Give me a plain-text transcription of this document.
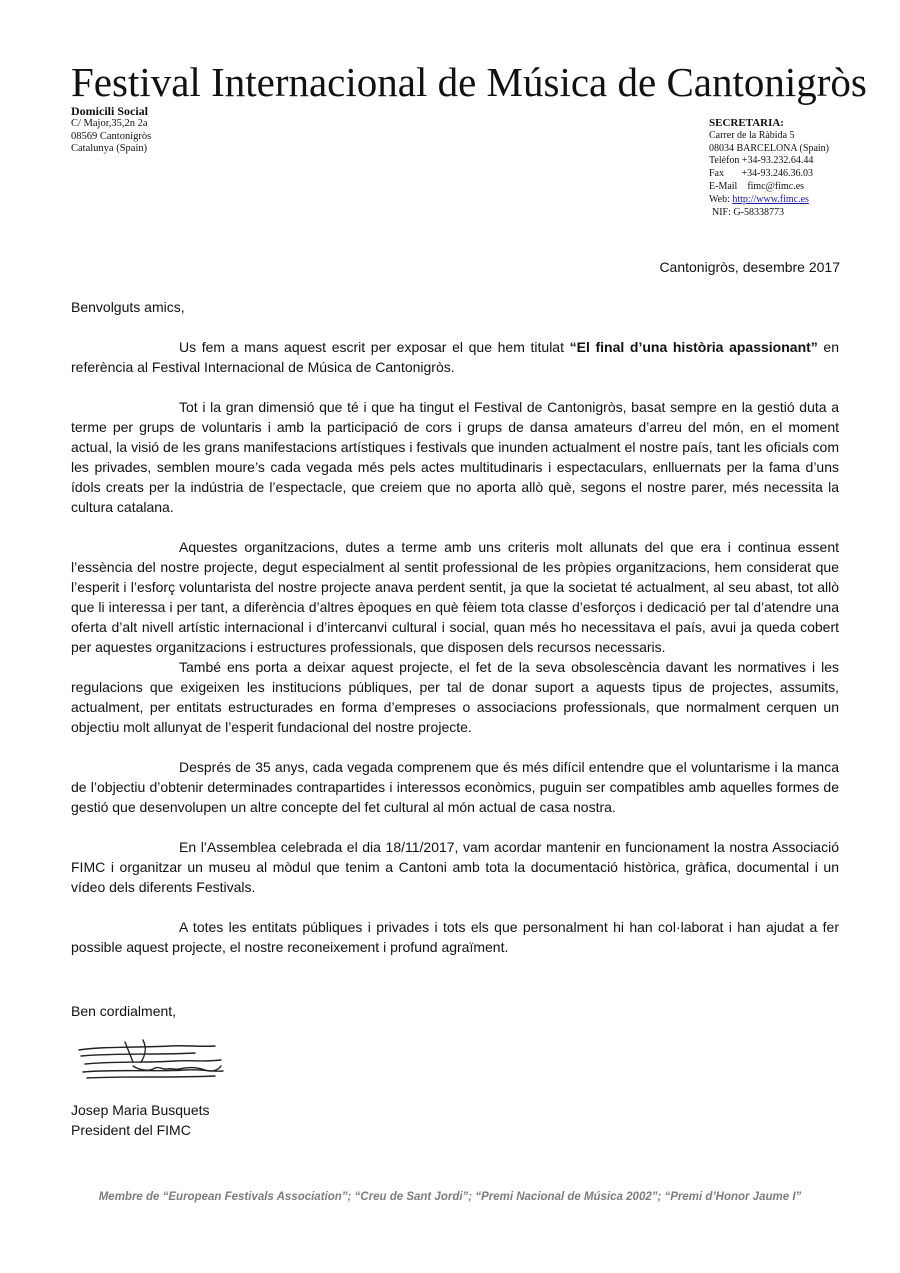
Festival Internacional de Música de Cantonigròs
Domicili Social
C/ Major,35,2n 2a
08569 Cantonigròs
Catalunya (Spain)
SECRETARIA:
Carrer de la Ràbida 5
08034 BARCELONA (Spain)
Telèfon +34-93.232.64.44
Fax +34-93.246.36.03
E-Mail fimc@fimc.es
Web: http://www.fimc.es
NIF: G-58338773
Cantonigròs, desembre 2017
Benvolguts amics,

Us fem a mans aquest escrit per exposar el que hem titulat “El final d’una història apassionant” en referència al Festival Internacional de Música de Cantonigròs.

Tot i la gran dimensió que té i que ha tingut el Festival de Cantonigròs, basat sempre en la gestió duta a terme per grups de voluntaris i amb la participació de cors i grups de dansa amateurs d’arreu del món, en el moment actual, la visió de les grans manifestacions artístiques i festivals que inunden actualment el nostre país, tant les oficials com les privades, semblen moure’s cada vegada més pels actes multitudinaris i espectaculars, enlluernats per la fama d’uns ídols creats per la indústria de l’espectacle, que creiem que no aporta allò què, segons el nostre parer, més necessita la cultura catalana.

Aquestes organitzacions, dutes a terme amb uns criteris molt allunats del que era i continua essent l’essència del nostre projecte, degut especialment al sentit professional de les pròpies organitzacions, hem considerat que l’esperit i l’esforç voluntarista del nostre projecte anava perdent sentit, ja que la societat té actualment, al seu abast, tot allò que li interessa i per tant, a diferència d’altres èpoques en què fèiem tota classe d’esforços i dedicació per tal d’atendre una oferta d’alt nivell artístic internacional i d’intercanvi cultural i social, quan més ho necessitava el país, avui ja queda cobert per aquestes organitzacions i estructures professionals, que disposen dels recursos necessaris.

També ens porta a deixar aquest projecte, el fet de la seva obsolescència davant les normatives i les regulacions que exigeixen les institucions públiques, per tal de donar suport a aquests tipus de projectes, assumits, actualment, per entitats estructurades en forma d’empreses o associacions professionals, que normalment cerquen un objectiu molt allunyat de l’esperit fundacional del nostre projecte.

Després de 35 anys, cada vegada comprenem que és més difícil entendre que el voluntarisme i la manca de l’objectiu d’obtenir determinades contrapartides i interessos econòmics, puguin ser compatibles amb aquelles formes de gestió que desenvolupen un altre concepte del fet cultural al món actual de casa nostra.

En l’Assemblea celebrada el dia 18/11/2017, vam acordar mantenir en funcionament la nostra Associació FIMC i organitzar un museu al mòdul que tenim a Cantoni amb tota la documentació històrica, gràfica, documental i un vídeo dels diferents Festivals.

A totes les entitats públiques i privades i tots els que personalment hi han col·laborat i han ajudat a fer possible aquest projecte, el nostre reconeixement i profund agraïment.

Ben cordialment,
Josep Maria Busquets
President del FIMC
Membre de “European Festivals Association”; “Creu de Sant Jordi”; “Premi Nacional de Música 2002”; “Premi d’Honor Jaume I”
